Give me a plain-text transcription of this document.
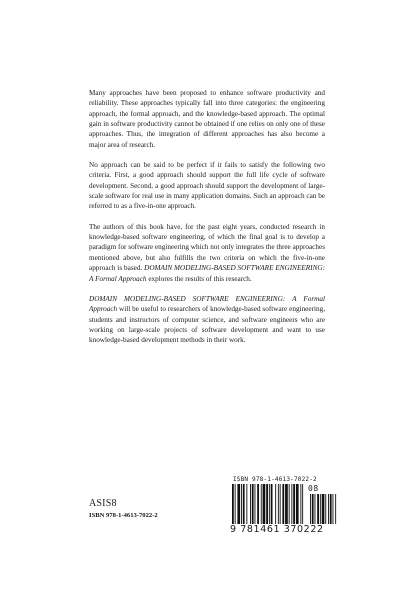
Many approaches have been proposed to enhance software productivity and reliability. These approaches typically fall into three categories: the engineering approach, the formal approach, and the knowledge-based approach. The optimal gain in software productivity cannot be obtained if one relies on only one of these approaches. Thus, the integration of different approaches has also become a major area of research.

No approach can be said to be perfect if it fails to satisfy the following two criteria. First, a good approach should support the full life cycle of software development. Second, a good approach should support the development of large-scale software for real use in many application domains. Such an approach can be referred to as a five-in-one approach.

The authors of this book have, for the past eight years, conducted research in knowledge-based software engineering, of which the final goal is to develop a paradigm for software engineering which not only integrates the three approaches mentioned above, but also fulfills the two criteria on which the five-in-one approach is based. DOMAIN MODELING-BASED SOFTWARE ENGINEERING: A Formal Approach explores the results of this research.

DOMAIN MODELING-BASED SOFTWARE ENGINEERING: A Formal Approach will be useful to researchers of knowledge-based software engineering, students and instructors of computer science, and software engineers who are working on large-scale projects of software development and want to use knowledge-based development methods in their work.

ASIS8
ISBN 978-1-4613-7022-2
ISBN 978-1-4613-7022-2
08
9 781461 370222
